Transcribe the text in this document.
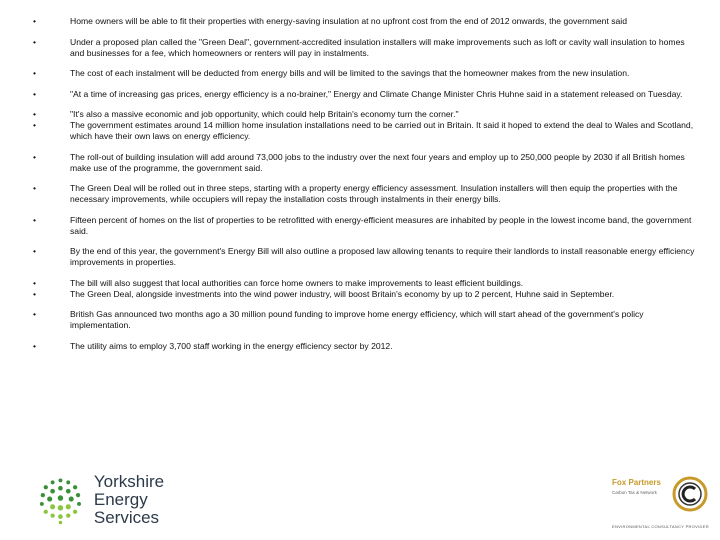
•	Home owners will be able to fit their properties with energy-saving insulation at no upfront cost from the end of 2012 onwards, the government said
•	Under a proposed plan called the "Green Deal", government-accredited insulation installers will make improvements such as loft or cavity wall insulation to homes and businesses for a fee, which homeowners or renters will pay in instalments.
•	The cost of each instalment will be deducted from energy bills and will be limited to the savings that the homeowner makes from the new insulation.
•	"At a time of increasing gas prices, energy efficiency is a no-brainer," Energy and Climate Change Minister Chris Huhne said in a statement released on Tuesday.
•	"It's also a massive economic and job opportunity, which could help Britain's economy turn the corner."
•	The government estimates around 14 million home insulation installations need to be carried out in Britain. It said it hoped to extend the deal to Wales and Scotland, which have their own laws on energy efficiency.
•	The roll-out of building insulation will add around 73,000 jobs to the industry over the next four years and employ up to 250,000 people by 2030 if all British homes make use of the programme, the government said.
•	The Green Deal will be rolled out in three steps, starting with a property energy efficiency assessment. Insulation installers will then equip the properties with the necessary improvements, while occupiers will repay the installation costs through instalments in their energy bills.
•	Fifteen percent of homes on the list of properties to be retrofitted with energy-efficient measures are inhabited by people in the lowest income band, the government said.
•	By the end of this year, the government's Energy Bill will also outline a proposed law allowing tenants to require their landlords to install reasonable energy efficiency improvements in properties.
•	The bill will also suggest that local authorities can force home owners to make improvements to least efficient buildings.
•	The Green Deal, alongside investments into the wind power industry, will boost Britain's economy by up to 2 percent, Huhne said in September.
•	British Gas announced two months ago a 30 million pound funding to improve home energy efficiency, which will start ahead of the government's policy implementation.
•	The utility aims to employ 3,700 staff working in the energy efficiency sector by 2012.
Yorkshire
Energy Services
Fox Partners
Carbon Tax & Network
ENVIRONMENTAL CONSULTANCY PROVIDER
